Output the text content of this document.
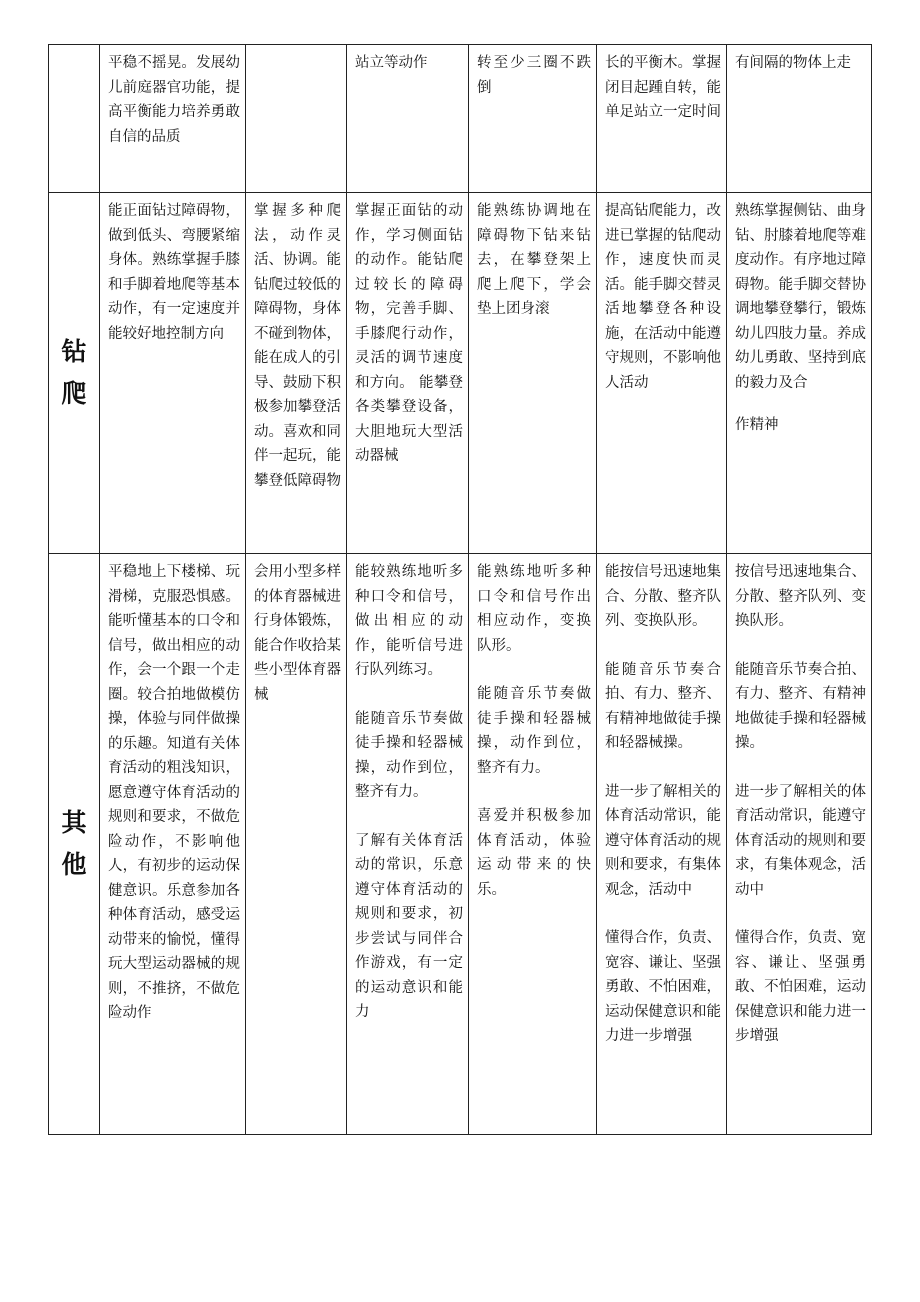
	平稳不摇晃。发展幼儿前庭器官功能，提高平衡能力培养勇敢自信的品质		站立等动作	转至少三圈不跌倒	长的平衡木。掌握闭目起踵自转，能单足站立一定时间	有间隔的物体上走

钻爬	能正面钻过障碍物，做到低头、弯腰紧缩身体。熟练掌握手膝和手脚着地爬等基本动作，有一定速度并能较好地控制方向	掌握多种爬法，动作灵活、协调。能钻爬过较低的障碍物，身体不碰到物体，能在成人的引导、鼓励下积极参加攀登活动。喜欢和同伴一起玩，能攀登低障碍物	掌握正面钻的动作，学习侧面钻的动作。能钻爬过较长的障碍物，完善手脚、手膝爬行动作，灵活的调节速度和方向。 能攀登各类攀登设备，大胆地玩大型活动器械	能熟练协调地在障碍物下钻来钻去，在攀登架上爬上爬下，学会垫上团身滚	提高钻爬能力，改进已掌握的钻爬动作，速度快而灵活。能手脚交替灵活地攀登各种设施，在活动中能遵守规则，不影响他人活动	熟练掌握侧钻、曲身钻、肘膝着地爬等难度动作。有序地过障碍物。能手脚交替协调地攀登攀行，锻炼幼儿四肢力量。养成幼儿勇敢、坚持到底的毅力及合
作精神

其他	平稳地上下楼梯、玩滑梯，克服恐惧感。能听懂基本的口令和信号，做出相应的动作，会一个跟一个走圈。较合拍地做模仿操，体验与同伴做操的乐趣。知道有关体育活动的粗浅知识，愿意遵守体育活动的规则和要求，不做危险动作，不影响他人，有初步的运动保健意识。乐意参加各种体育活动，感受运动带来的愉悦，懂得玩大型运动器械的规则，不推挤，不做危险动作	会用小型多样的体育器械进行身体锻炼，能合作收拾某些小型体育器械	能较熟练地听多种口令和信号，做出相应的动作，能听信号进行队列练习。
能随音乐节奏做徒手操和轻器械操，动作到位，整齐有力。
了解有关体育活动的常识，乐意遵守体育活动的规则和要求，初步尝试与同伴合作游戏，有一定的运动意识和能力	能熟练地听多种口令和信号作出相应动作，变换队形。
能随音乐节奏做徒手操和轻器械操，动作到位，整齐有力。
喜爱并积极参加体育活动，体验运动带来的快乐。	能按信号迅速地集合、分散、整齐队列、变换队形。
能随音乐节奏合拍、有力、整齐、有精神地做徒手操和轻器械操。
进一步了解相关的体育活动常识，能遵守体育活动的规则和要求，有集体观念，活动中
懂得合作，负责、宽容、谦让、坚强勇敢、不怕困难，运动保健意识和能力进一步增强	按信号迅速地集合、分散、整齐队列、变换队形。
能随音乐节奏合拍、有力、整齐、有精神地做徒手操和轻器械操。
进一步了解相关的体育活动常识，能遵守体育活动的规则和要求，有集体观念，活动中
懂得合作，负责、宽容、谦让、坚强勇敢、不怕困难，运动保健意识和能力进一步增强
